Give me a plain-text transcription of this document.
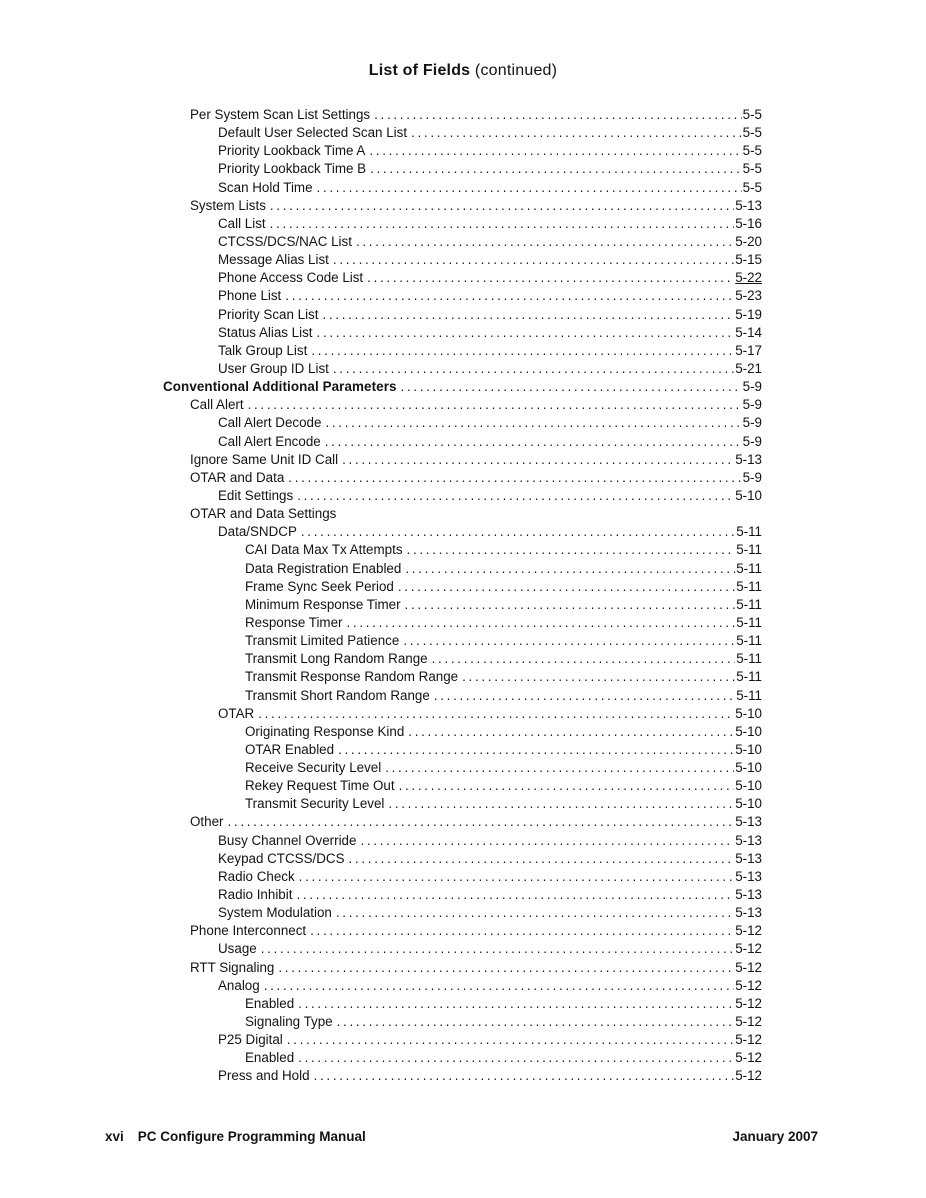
List of Fields (continued)
Per System Scan List Settings .....	5-5
Default User Selected Scan List .....	5-5
Priority Lookback Time A .....	5-5
Priority Lookback Time B .....	5-5
Scan Hold Time .....	5-5
System Lists .....	5-13
Call List .....	5-16
CTCSS/DCS/NAC List .....	5-20
Message Alias List .....	5-15
Phone Access Code List .....	5-22
Phone List .....	5-23
Priority Scan List .....	5-19
Status Alias List .....	5-14
Talk Group List .....	5-17
User Group ID List .....	5-21
Conventional Additional Parameters .....	5-9
Call Alert .....	5-9
Call Alert Decode .....	5-9
Call Alert Encode .....	5-9
Ignore Same Unit ID Call .....	5-13
OTAR and Data .....	5-9
Edit Settings .....	5-10
OTAR and Data Settings
Data/SNDCP .....	5-11
CAI Data Max Tx Attempts .....	5-11
Data Registration Enabled .....	5-11
Frame Sync Seek Period .....	5-11
Minimum Response Timer .....	5-11
Response Timer .....	5-11
Transmit Limited Patience .....	5-11
Transmit Long Random Range .....	5-11
Transmit Response Random Range .....	5-11
Transmit Short Random Range .....	5-11
OTAR .....	5-10
Originating Response Kind .....	5-10
OTAR Enabled .....	5-10
Receive Security Level .....	5-10
Rekey Request Time Out .....	5-10
Transmit Security Level .....	5-10
Other .....	5-13
Busy Channel Override .....	5-13
Keypad CTCSS/DCS .....	5-13
Radio Check .....	5-13
Radio Inhibit .....	5-13
System Modulation .....	5-13
Phone Interconnect .....	5-12
Usage .....	5-12
RTT Signaling .....	5-12
Analog .....	5-12
Enabled .....	5-12
Signaling Type .....	5-12
P25 Digital .....	5-12
Enabled .....	5-12
Press and Hold .....	5-12
xvi PC Configure Programming Manual	January 2007
